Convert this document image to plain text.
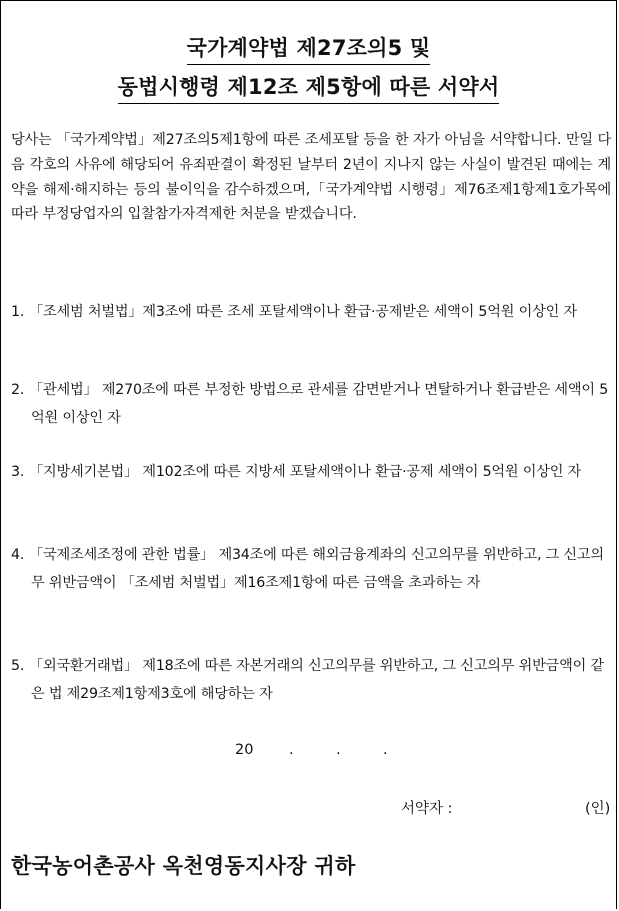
국가계약법 제27조의5 및
동법시행령 제12조 제5항에 따른 서약서
당사는 「국가계약법」제27조의5제1항에 따른 조세포탈 등을 한 자가 아님을 서약합니다. 만일 다음 각호의 사유에 해당되어 유죄판결이 확정된 날부터 2년이 지나지 않는 사실이 발견된 때에는 계약을 해제·해지하는 등의 불이익을 감수하겠으며,「국가계약법 시행령」제76조제1항제1호가목에 따라 부정당업자의 입찰참가자격제한 처분을 받겠습니다.
1. 「조세범 처벌법」제3조에 따른 조세 포탈세액이나 환급·공제받은 세액이 5억원 이상인 자
2. 「관세법」 제270조에 따른 부정한 방법으로 관세를 감면받거나 면탈하거나 환급받은 세액이 5억원 이상인 자
3. 「지방세기본법」 제102조에 따른 지방세 포탈세액이나 환급·공제 세액이 5억원 이상인 자
4. 「국제조세조정에 관한 법률」 제34조에 따른 해외금융계좌의 신고의무를 위반하고, 그 신고의무 위반금액이 「조세범 처벌법」제16조제1항에 따른 금액을 초과하는 자
5. 「외국환거래법」 제18조에 따른 자본거래의 신고의무를 위반하고, 그 신고의무 위반금액이 같은 법 제29조제1항제3호에 해당하는 자
20 .	.	.
서약자 :	(인)
한국농어촌공사 옥천영동지사장 귀하
